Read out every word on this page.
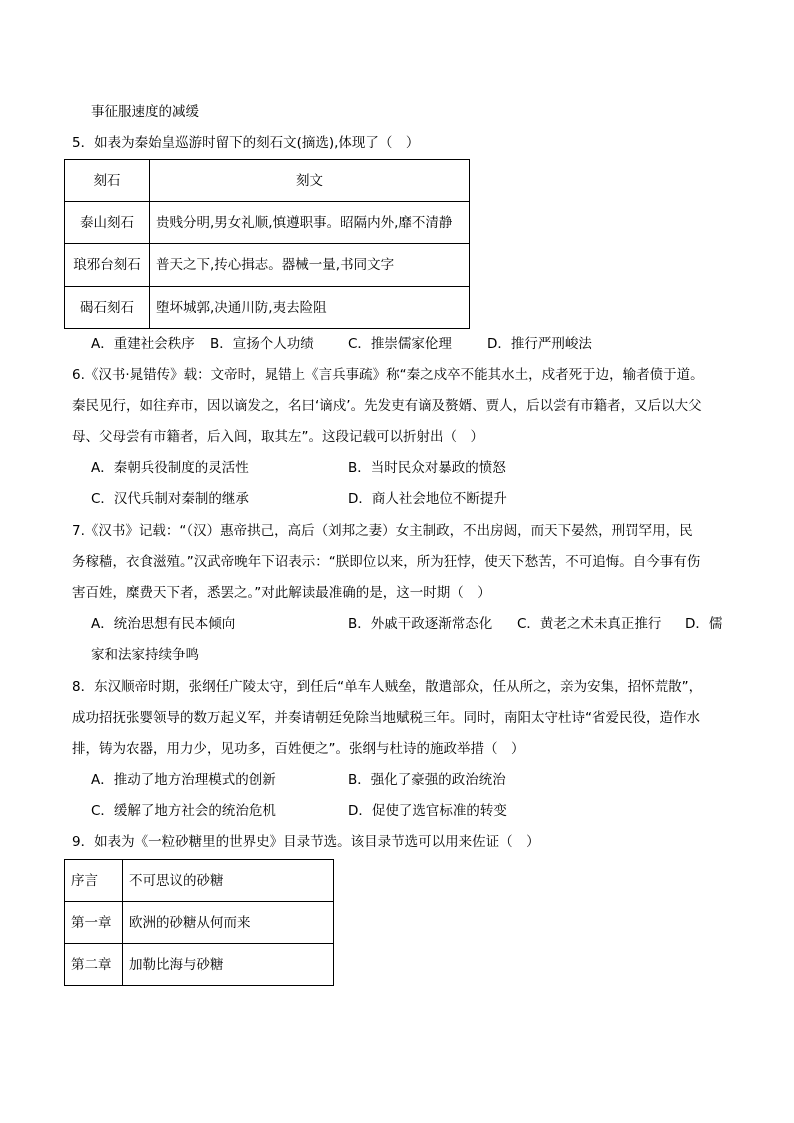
事征服速度的减缓
5．如表为秦始皇巡游时留下的刻石文(摘选),体现了（　）
刻石	刻文
泰山刻石	贵贱分明,男女礼顺,慎遵职事。昭隔内外,靡不清静
琅邪台刻石	普天之下,抟心揖志。器械一量,书同文字
碣石刻石	堕坏城郭,决通川防,夷去险阻
A．重建社会秩序 B．宣扬个人功绩	C．推崇儒家伦理	D．推行严刑峻法
6.《汉书·晁错传》载：文帝时，晁错上《言兵事疏》称“秦之戍卒不能其水土，戍者死于边，输者偾于道。
秦民见行，如往弃市，因以谪发之，名曰‘谪戍’。先发吏有谪及赘婿、贾人，后以尝有市籍者，又后以大父
母、父母尝有市籍者，后入闾，取其左”。这段记载可以折射出（　）
A．秦朝兵役制度的灵活性	B．当时民众对暴政的愤怒
C．汉代兵制对秦制的继承	D．商人社会地位不断提升
7.《汉书》记载：“（汉）惠帝拱己，高后（刘邦之妻）女主制政，不出房闼，而天下晏然，刑罚罕用，民
务稼穑，衣食滋殖。”汉武帝晚年下诏表示：“朕即位以来，所为狂悖，使天下愁苦，不可追悔。自今事有伤
害百姓，糜费天下者，悉罢之。”对此解读最准确的是，这一时期（　）
A．统治思想有民本倾向	B．外戚干政逐渐常态化 C．黄老之术未真正推行 D．儒
家和法家持续争鸣
8．东汉顺帝时期，张纲任广陵太守，到任后“单车人贼垒，散遣部众，任从所之，亲为安集，招怀荒散”，
成功招抚张婴领导的数万起义军，并奏请朝廷免除当地赋税三年。同时，南阳太守杜诗“省爱民役，造作水
排，铸为农器，用力少，见功多，百姓便之”。张纲与杜诗的施政举措（　）
A．推动了地方治理模式的创新	B．强化了豪强的政治统治
C．缓解了地方社会的统治危机	D．促使了选官标准的转变
9．如表为《一粒砂糖里的世界史》目录节选。该目录节选可以用来佐证（　）
序言	不可思议的砂糖
第一章	欧洲的砂糖从何而来
第二章	加勒比海与砂糖
